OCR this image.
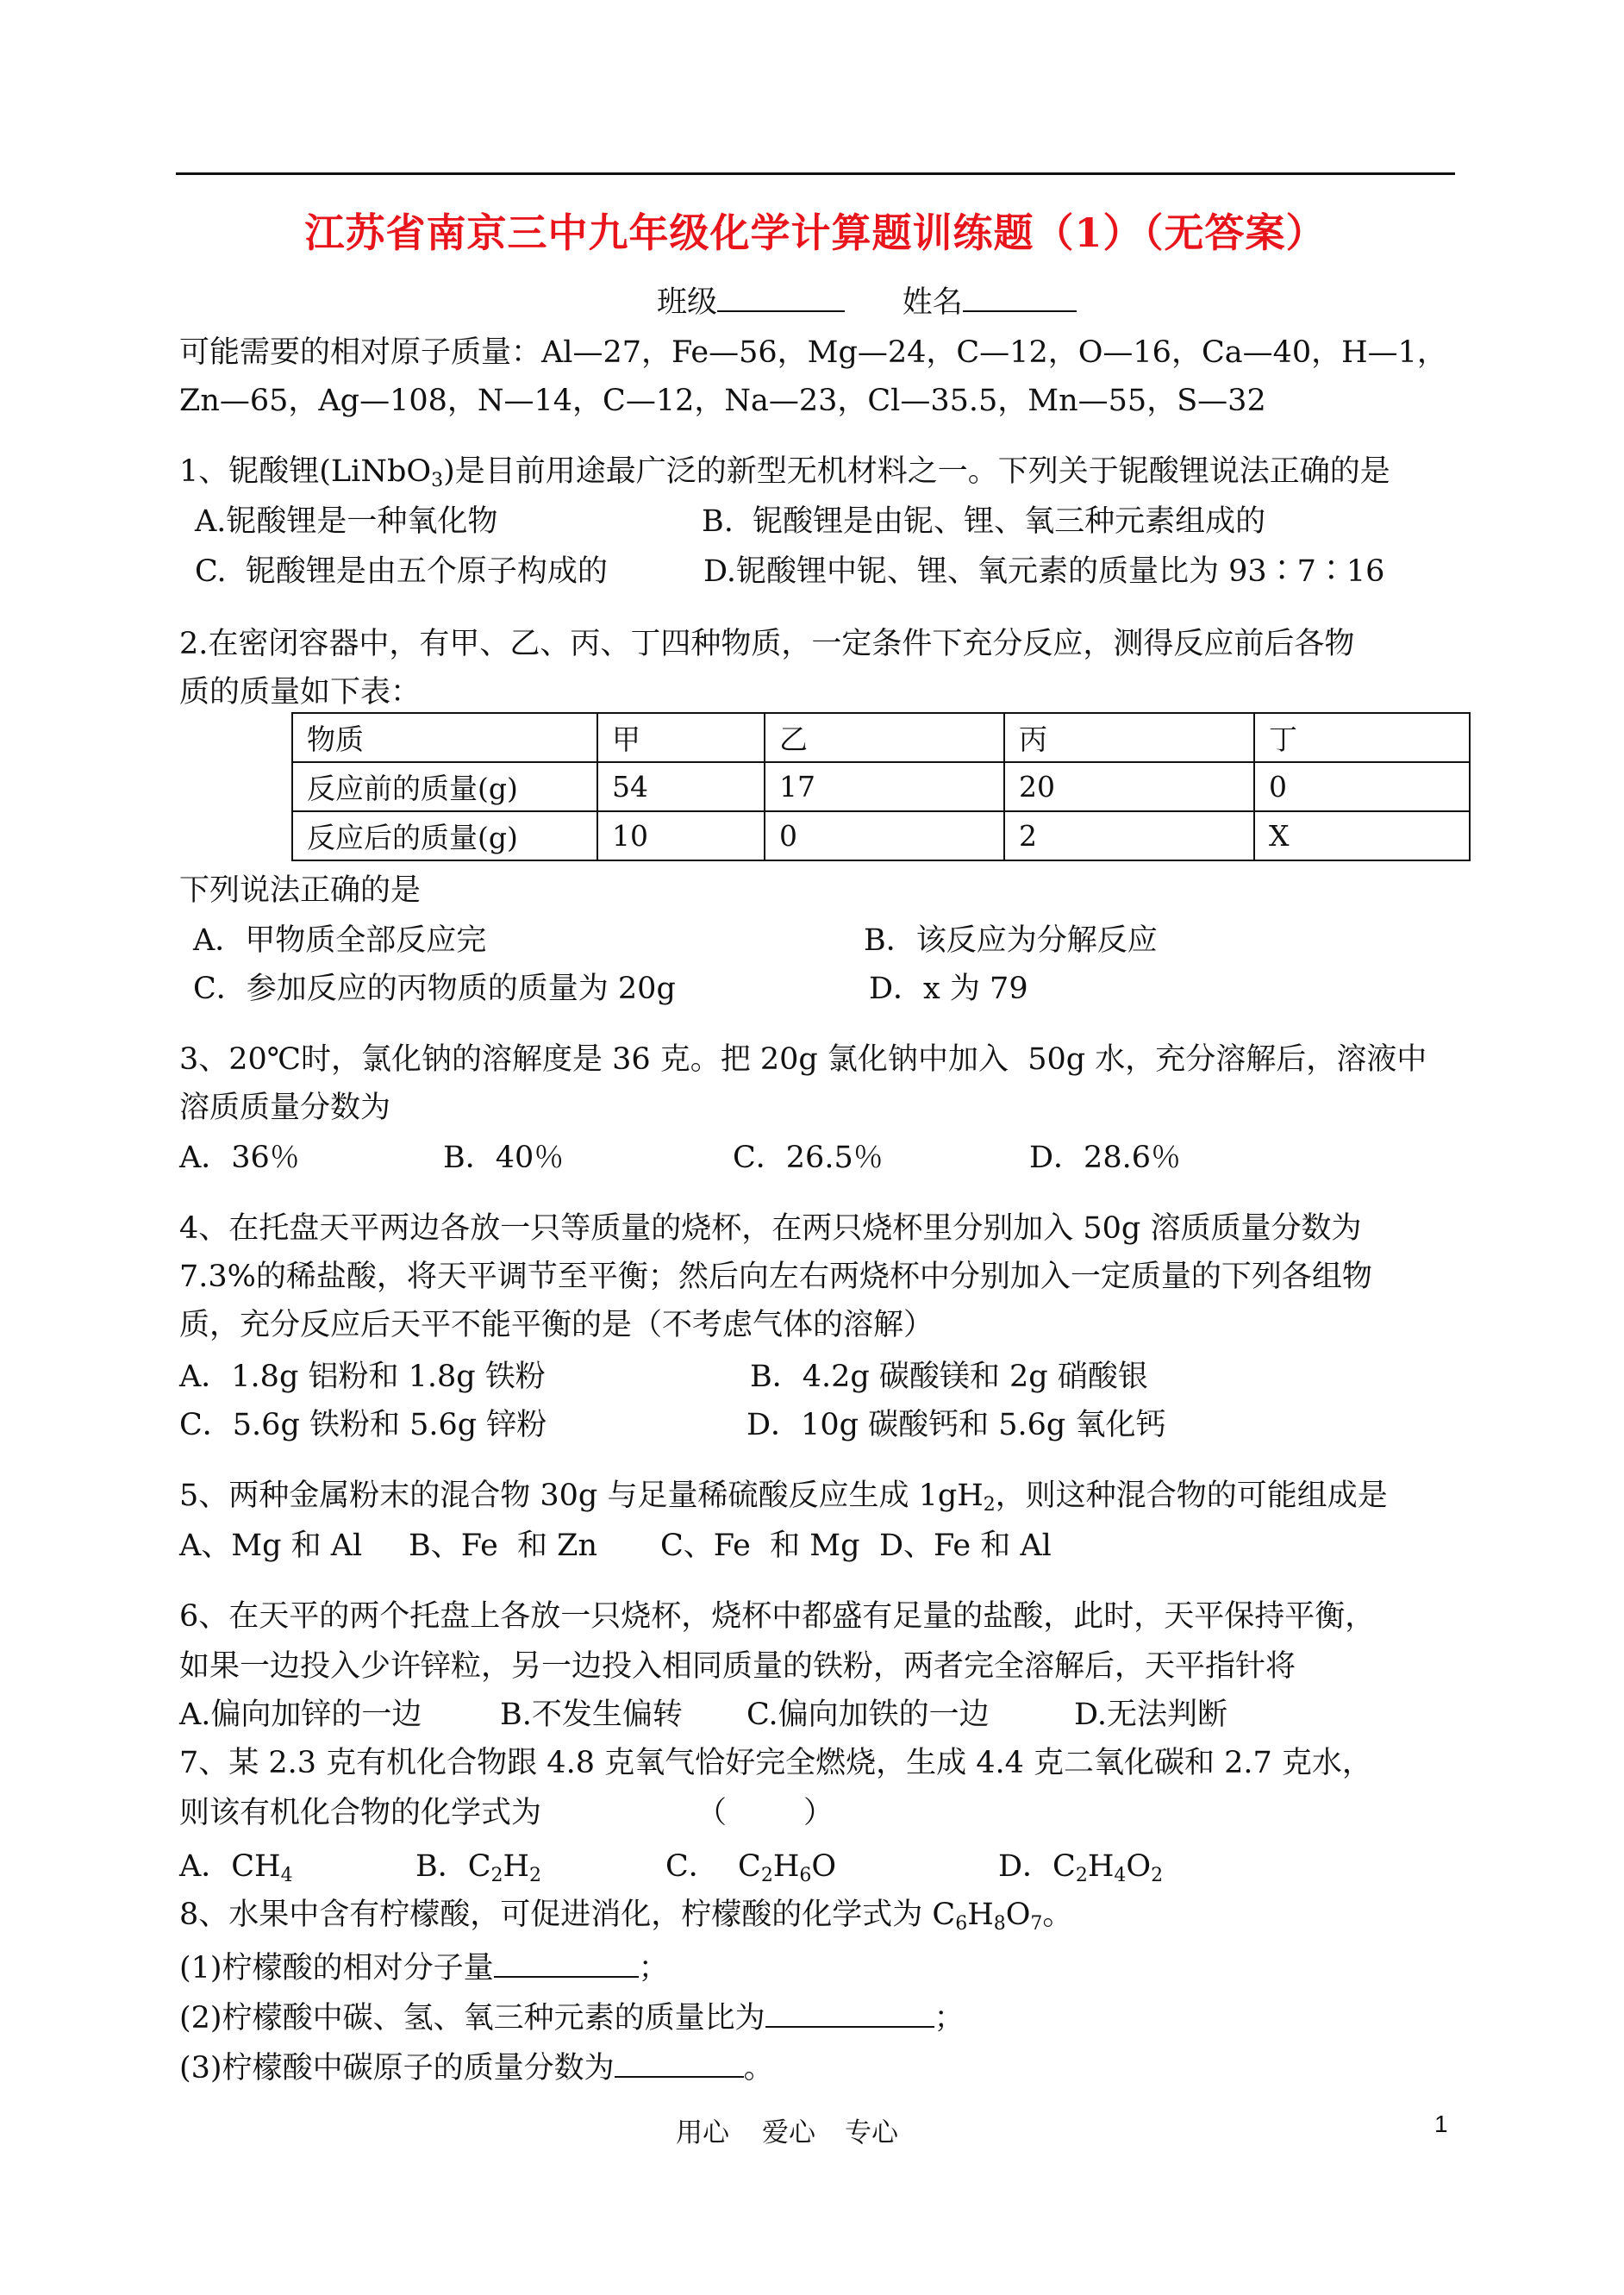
江苏省南京三中九年级化学计算题训练题（1）（无答案）
班级	姓名
可能需要的相对原子质量：Al—27，Fe—56，Mg—24，C—12，O—16，Ca—40，H—1，
Zn—65，Ag—108，N—14，C—12，Na—23，Cl—35.5，Mn—55，S—32
1、铌酸锂(LiNbO$_3$)是目前用途最广泛的新型无机材料之一。下列关于铌酸锂说法正确的是
A.铌酸锂是一种氧化物	B.  铌酸锂是由铌、锂、氧三种元素组成的
C.  铌酸锂是由五个原子构成的	D.铌酸锂中铌、锂、氧元素的质量比为 93∶7∶16
2.在密闭容器中，有甲、乙、丙、丁四种物质，一定条件下充分反应，测得反应前后各物
质的质量如下表：
物质	甲	乙	丙	丁
反应前的质量(g)	54	17	20	0
反应后的质量(g)	10	0	2	X
下列说法正确的是
A．甲物质全部反应完	B．该反应为分解反应
C．参加反应的丙物质的质量为 20g	D．x 为 79
3、20℃时，氯化钠的溶解度是 36 克。把 20g 氯化钠中加入  50g 水，充分溶解后，溶液中
溶质质量分数为
A．36％	B．40％	C．26.5％	D．28.6％
4、在托盘天平两边各放一只等质量的烧杯，在两只烧杯里分别加入 50g 溶质质量分数为
7.3%的稀盐酸，将天平调节至平衡；然后向左右两烧杯中分别加入一定质量的下列各组物
质，充分反应后天平不能平衡的是（不考虑气体的溶解）
A．1.8g 铝粉和 1.8g 铁粉	B．4.2g 碳酸镁和 2g 硝酸银
C．5.6g 铁粉和 5.6g 锌粉	D．10g 碳酸钙和 5.6g 氧化钙
5、两种金属粉末的混合物 30g 与足量稀硫酸反应生成 $1gH_2$，则这种混合物的可能组成是
A、Mg 和 Al B、Fe  和 Zn C、Fe  和 Mg D、Fe 和 Al
6、在天平的两个托盘上各放一只烧杯，烧杯中都盛有足量的盐酸，此时，天平保持平衡，
如果一边投入少许锌粒，另一边投入相同质量的铁粉，两者完全溶解后，天平指针将
A.偏向加锌的一边	B.不发生偏转 C.偏向加铁的一边	D.无法判断
7、某 2.3 克有机化合物跟 4.8 克氧气恰好完全燃烧，生成 4.4 克二氧化碳和 2.7 克水，
则该有机化合物的化学式为	（        ）
A．$CH_4$	B．$C_2H_2$	C．  $C_2H_6O$	D．$C_2H_4O_2$
8、水果中含有柠檬酸，可促进消化，柠檬酸的化学式为 $C_6H_8O_7$。
(1)柠檬酸的相对分子量	；
(2)柠檬酸中碳、氢、氧三种元素的质量比为	；
(3)柠檬酸中碳原子的质量分数为	。
用心 爱心 专心	1
